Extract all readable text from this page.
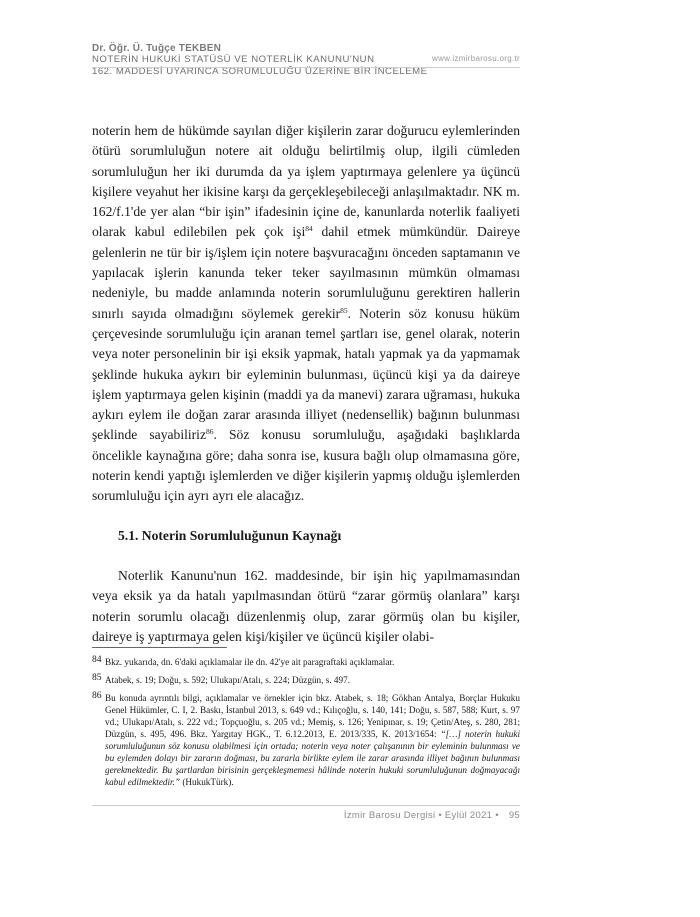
Dr. Öğr. Ü. Tuğçe TEKBEN
NOTERİN HUKUKİ STATÜSÜ VE NOTERLİK KANUNU'NUN
162. MADDESİ UYARINCA SORUMLULUĞU ÜZERİNE BİR İNCELEME
www.izmirbarosu.org.tr

noterin hem de hükümde sayılan diğer kişilerin zarar doğurucu eylemlerinden ötürü sorumluluğun notere ait olduğu belirtilmiş olup, ilgili cümleden sorumluluğun her iki durumda da ya işlem yaptırmaya gelenlere ya üçüncü kişilere veyahut her ikisine karşı da gerçekleşebileceği anlaşılmaktadır. NK m. 162/f.1'de yer alan “bir işin” ifadesinin içine de, kanunlarda noterlik faaliyeti olarak kabul edilebilen pek çok işi$^{84}$ dahil etmek mümkündür. Daireye gelenlerin ne tür bir iş/işlem için notere başvuracağını önceden saptamanın ve yapılacak işlerin kanunda teker teker sayılmasının mümkün olmaması nedeniyle, bu madde anlamında noterin sorumluluğunu gerektiren hallerin sınırlı sayıda olmadığını söylemek gerekir$^{85}$. Noterin söz konusu hüküm çerçevesinde sorumluluğu için aranan temel şartları ise, genel olarak, noterin veya noter personelinin bir işi eksik yapmak, hatalı yapmak ya da yapmamak şeklinde hukuka aykırı bir eyleminin bulunması, üçüncü kişi ya da daireye işlem yaptırmaya gelen kişinin (maddi ya da manevi) zarara uğraması, hukuka aykırı eylem ile doğan zarar arasında illiyet (nedensellik) bağının bulunması şeklinde sayabiliriz$^{86}$. Söz konusu sorumluluğu, aşağıdaki başlıklarda öncelikle kaynağına göre; daha sonra ise, kusura bağlı olup olmamasına göre, noterin kendi yaptığı işlemlerden ve diğer kişilerin yapmış olduğu işlemlerden sorumluluğu için ayrı ayrı ele alacağız.

5.1. Noterin Sorumluluğunun Kaynağı

Noterlik Kanunu'nun 162. maddesinde, bir işin hiç yapılmamasından veya eksik ya da hatalı yapılmasından ötürü “zarar görmüş olanlara” karşı noterin sorumlu olacağı düzenlenmiş olup, zarar görmüş olan bu kişiler, daireye iş yaptırmaya gelen kişi/kişiler ve üçüncü kişiler olabi-

84 Bkz. yukarıda, dn. 6'daki açıklamalar ile dn. 42'ye ait paragraftaki açıklamalar.
85 Atabek, s. 19; Doğu, s. 592; Ulukapı/Atalı, s. 224; Düzgün, s. 497.
86 Bu konuda ayrıntılı bilgi, açıklamalar ve örnekler için bkz. Atabek, s. 18; Gökhan Antalya, Borçlar Hukuku Genel Hükümler, C. I, 2. Baskı, İstanbul 2013, s. 649 vd.; Kılıçoğlu, s. 140, 141; Doğu, s. 587, 588; Kurt, s. 97 vd.; Ulukapı/Atalı, s. 222 vd.; Topçuoğlu, s. 205 vd.; Memiş, s. 126; Yenipınar, s. 19; Çetin/Ateş, s. 280, 281; Düzgün, s. 495, 496. Bkz. Yargıtay HGK., T. 6.12.2013, E. 2013/335, K. 2013/1654: “[…] noterin hukuki sorumluluğunun söz konusu olabilmesi için ortada; noterin veya noter çalışanının bir eyleminin bulunması ve bu eylemden dolayı bir zararın doğması, bu zararla birlikte eylem ile zarar arasında illiyet bağının bulunması gerekmektedir. Bu şartlardan birisinin gerçekleşmemesi hâlinde noterin hukuki sorumluluğunun doğmayacağı kabul edilmektedir.” (HukukTürk).
İzmir Barosu Dergisi • Eylül 2021 • 95
